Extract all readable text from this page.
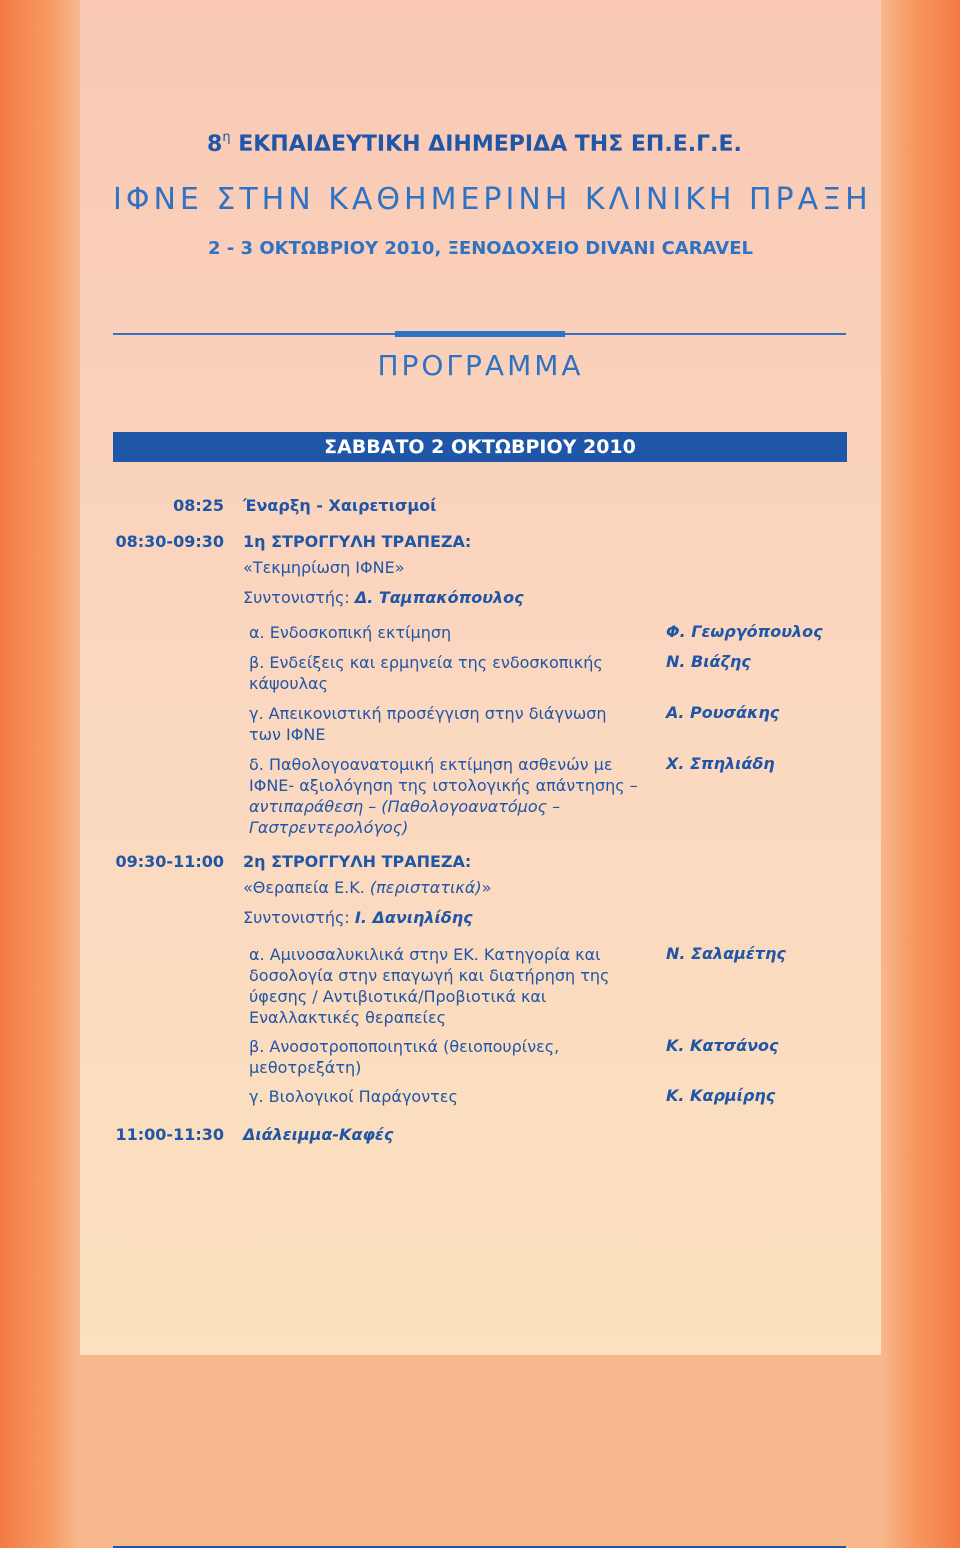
$8^\eta$ ΕΚΠΑΙΔΕΥΤΙΚΗ ΔΙΗΜΕΡΙΔΑ ΤΗΣ ΕΠ.Ε.Γ.Ε.
ΙΦΝΕ ΣΤΗΝ ΚΑΘΗΜΕΡΙΝΗ ΚΛΙΝΙΚΗ ΠΡΑΞΗ
2 - 3 ΟΚΤΩΒΡΙΟΥ 2010, ΞΕΝΟΔΟΧΕΙΟ DIVANI CARAVEL
ΠΡΟΓΡΑΜΜΑ
ΣΑΒΒΑΤΟ 2 ΟΚΤΩΒΡΙΟΥ 2010
08:25 Έναρξη - Χαιρετισμοί
08:30-09:30 1η ΣΤΡΟΓΓΥΛΗ ΤΡΑΠΕΖΑ:
«Τεκμηρίωση ΙΦΝΕ»
Συντονιστής: Δ. Ταμπακόπουλος
α. Ενδοσκοπική εκτίμηση	Φ. Γεωργόπουλος
β. Ενδείξεις και ερμηνεία της ενδοσκοπικής κάψουλας
Ν. Βιάζης
γ. Απεικονιστική προσέγγιση στην διάγνωση των ΙΦΝΕ
Α. Ρουσάκης
δ. Παθολογοανατομική εκτίμηση ασθενών με ΙΦΝΕ- αξιολόγηση της ιστολογικής απάντησης – αντιπαράθεση – (Παθολογοανατόμος – Γαστρεντερολόγος)
Χ. Σπηλιάδη
09:30-11:00 2η ΣΤΡΟΓΓΥΛΗ ΤΡΑΠΕΖΑ:
«Θεραπεία Ε.Κ. (περιστατικά)»
Συντονιστής: Ι. Δανιηλίδης
α. Αμινοσαλυκιλικά στην ΕΚ. Κατηγορία και δοσολογία στην επαγωγή και διατήρηση της ύφεσης / Αντιβιοτικά/Προβιοτικά και Εναλλακτικές θεραπείες
Ν. Σαλαμέτης
β. Ανοσοτροποποιητικά (θειοπουρίνες, μεθοτρεξάτη)
Κ. Κατσάνος
γ. Βιολογικοί Παράγοντες	Κ. Καρμίρης
11:00-11:30 Διάλειμμα-Καφές
